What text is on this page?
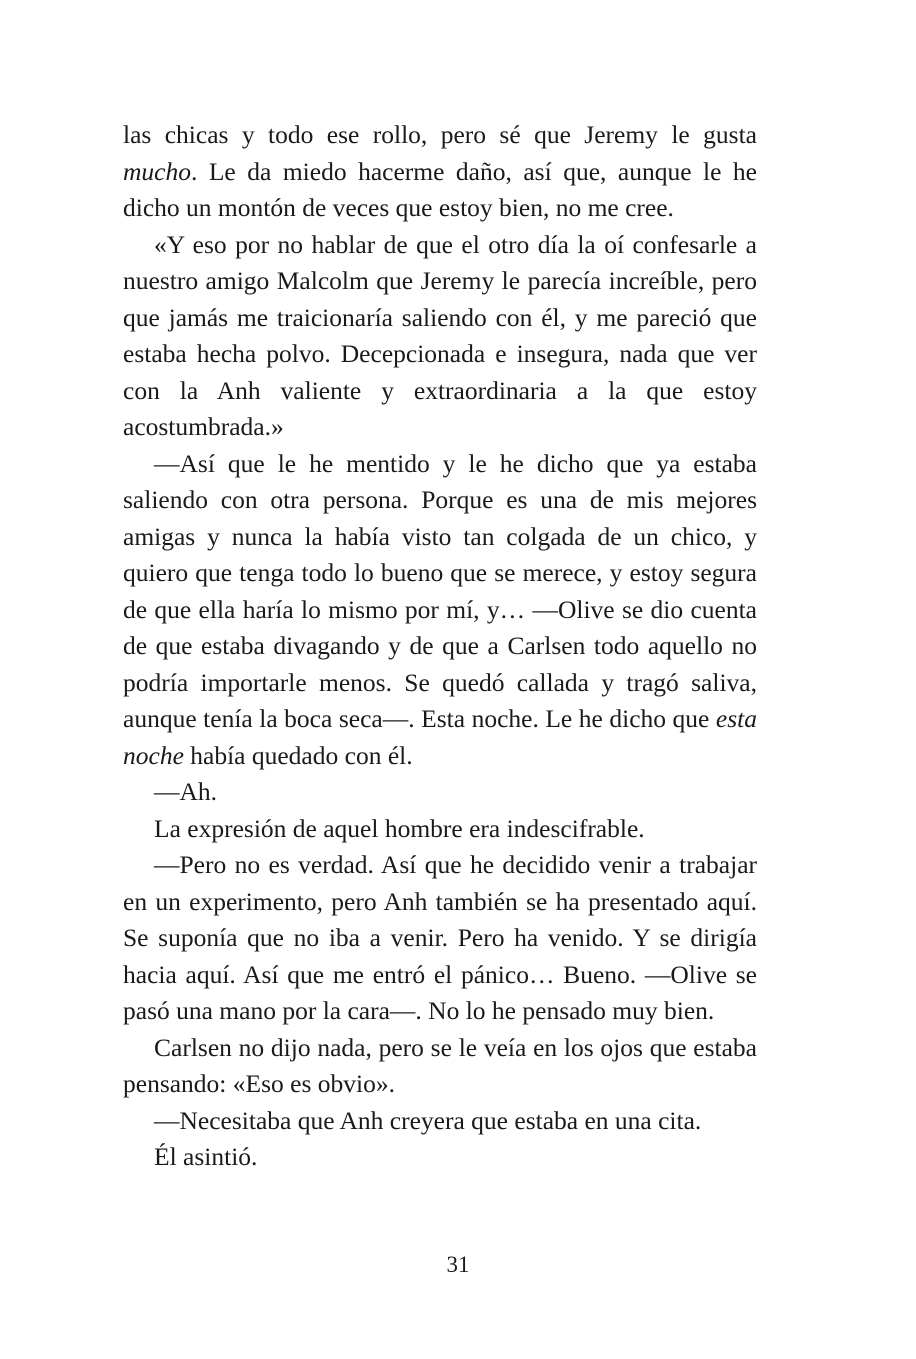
las chicas y todo ese rollo, pero sé que Jeremy le gusta mucho. Le da miedo hacerme daño, así que, aunque le he dicho un montón de veces que estoy bien, no me cree.

«Y eso por no hablar de que el otro día la oí confesarle a nuestro amigo Malcolm que Jeremy le parecía increíble, pero que jamás me traicionaría saliendo con él, y me pareció que estaba hecha polvo. Decepcionada e insegura, nada que ver con la Anh valiente y extraordinaria a la que estoy acostumbrada.»

—Así que le he mentido y le he dicho que ya estaba saliendo con otra persona. Porque es una de mis mejores amigas y nunca la había visto tan colgada de un chico, y quiero que tenga todo lo bueno que se merece, y estoy segura de que ella haría lo mismo por mí, y… —Olive se dio cuenta de que estaba divagando y de que a Carlsen todo aquello no podría importarle menos. Se quedó callada y tragó saliva, aunque tenía la boca seca—. Esta noche. Le he dicho que esta noche había quedado con él.

—Ah.

La expresión de aquel hombre era indescifrable.

—Pero no es verdad. Así que he decidido venir a trabajar en un experimento, pero Anh también se ha presentado aquí. Se suponía que no iba a venir. Pero ha venido. Y se dirigía hacia aquí. Así que me entró el pánico… Bueno. —Olive se pasó una mano por la cara—. No lo he pensado muy bien.

Carlsen no dijo nada, pero se le veía en los ojos que estaba pensando: «Eso es obvio».

—Necesitaba que Anh creyera que estaba en una cita.

Él asintió.

31
